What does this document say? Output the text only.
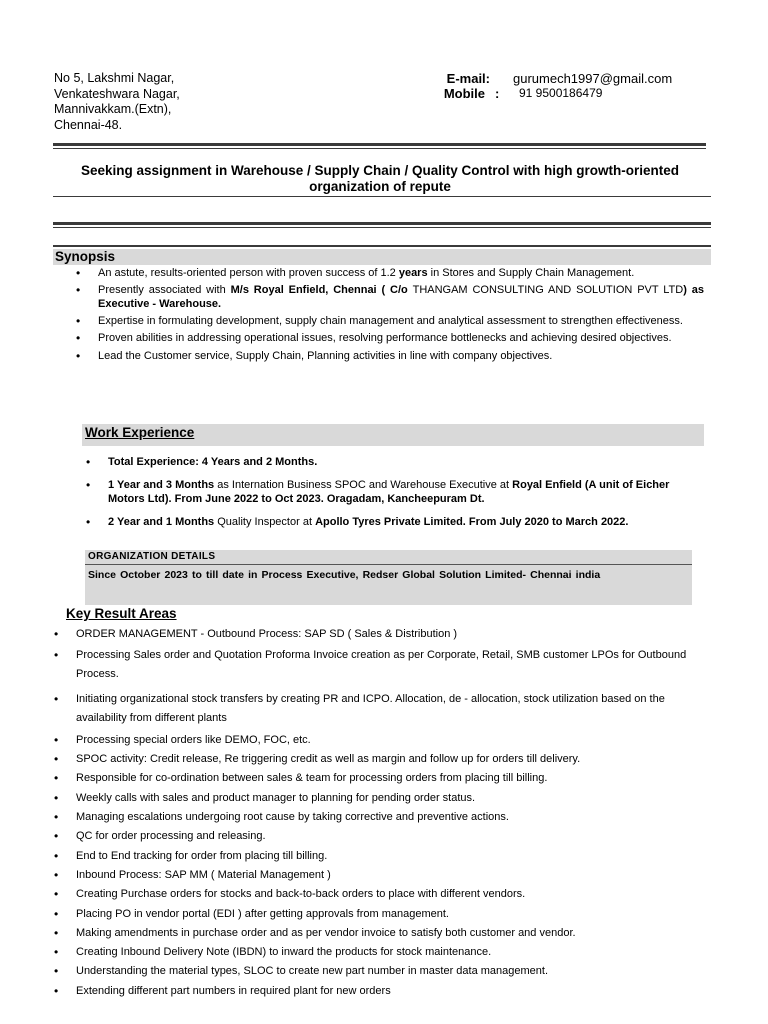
No 5, Lakshmi Nagar,
Venkateshwara Nagar,
Mannivakkam.(Extn),
Chennai-48.
E-mail: gurumech1997@gmail.com
Mobile :	91 9500186479
Seeking assignment in Warehouse / Supply Chain / Quality Control with high growth-oriented organization of repute
Synopsis
• An astute, results-oriented person with proven success of 1.2 years in Stores and Supply Chain Management.
• Presently associated with M/s Royal Enfield, Chennai ( C/o THANGAM CONSULTING AND SOLUTION PVT LTD) as Executive - Warehouse.
• Expertise in formulating development, supply chain management and analytical assessment to strengthen effectiveness.
• Proven abilities in addressing operational issues, resolving performance bottlenecks and achieving desired objectives.
• Lead the Customer service, Supply Chain, Planning activities in line with company objectives.
Work Experience
• Total Experience: 4 Years and 2 Months.
• 1 Year and 3 Months as Internation Business SPOC and Warehouse Executive at Royal Enfield (A unit of Eicher Motors Ltd). From June 2022 to Oct 2023. Oragadam, Kancheepuram Dt.
• 2 Year and 1 Months Quality Inspector at Apollo Tyres Private Limited. From July 2020 to March 2022.
ORGANIZATION DETAILS
Since October 2023 to till date in Process Executive, Redser Global Solution Limited- Chennai india
Key Result Areas
• ORDER MANAGEMENT - Outbound Process: SAP SD ( Sales & Distribution )
• Processing Sales order and Quotation Proforma Invoice creation as per Corporate, Retail, SMB customer LPOs for Outbound Process.
• Initiating organizational stock transfers by creating PR and ICPO. Allocation, de - allocation, stock utilization based on the availability from different plants
• Processing special orders like DEMO, FOC, etc.
• SPOC activity: Credit release, Re triggering credit as well as margin and follow up for orders till delivery.
• Responsible for co-ordination between sales & team for processing orders from placing till billing.
• Weekly calls with sales and product manager to planning for pending order status.
• Managing escalations undergoing root cause by taking corrective and preventive actions.
• QC for order processing and releasing.
• End to End tracking for order from placing till billing.
• Inbound Process: SAP MM ( Material Management )
• Creating Purchase orders for stocks and back-to-back orders to place with different vendors.
• Placing PO in vendor portal (EDI ) after getting approvals from management.
• Making amendments in purchase order and as per vendor invoice to satisfy both customer and vendor.
• Creating Inbound Delivery Note (IBDN) to inward the products for stock maintenance.
• Understanding the material types, SLOC to create new part number in master data management.
• Extending different part numbers in required plant for new orders
